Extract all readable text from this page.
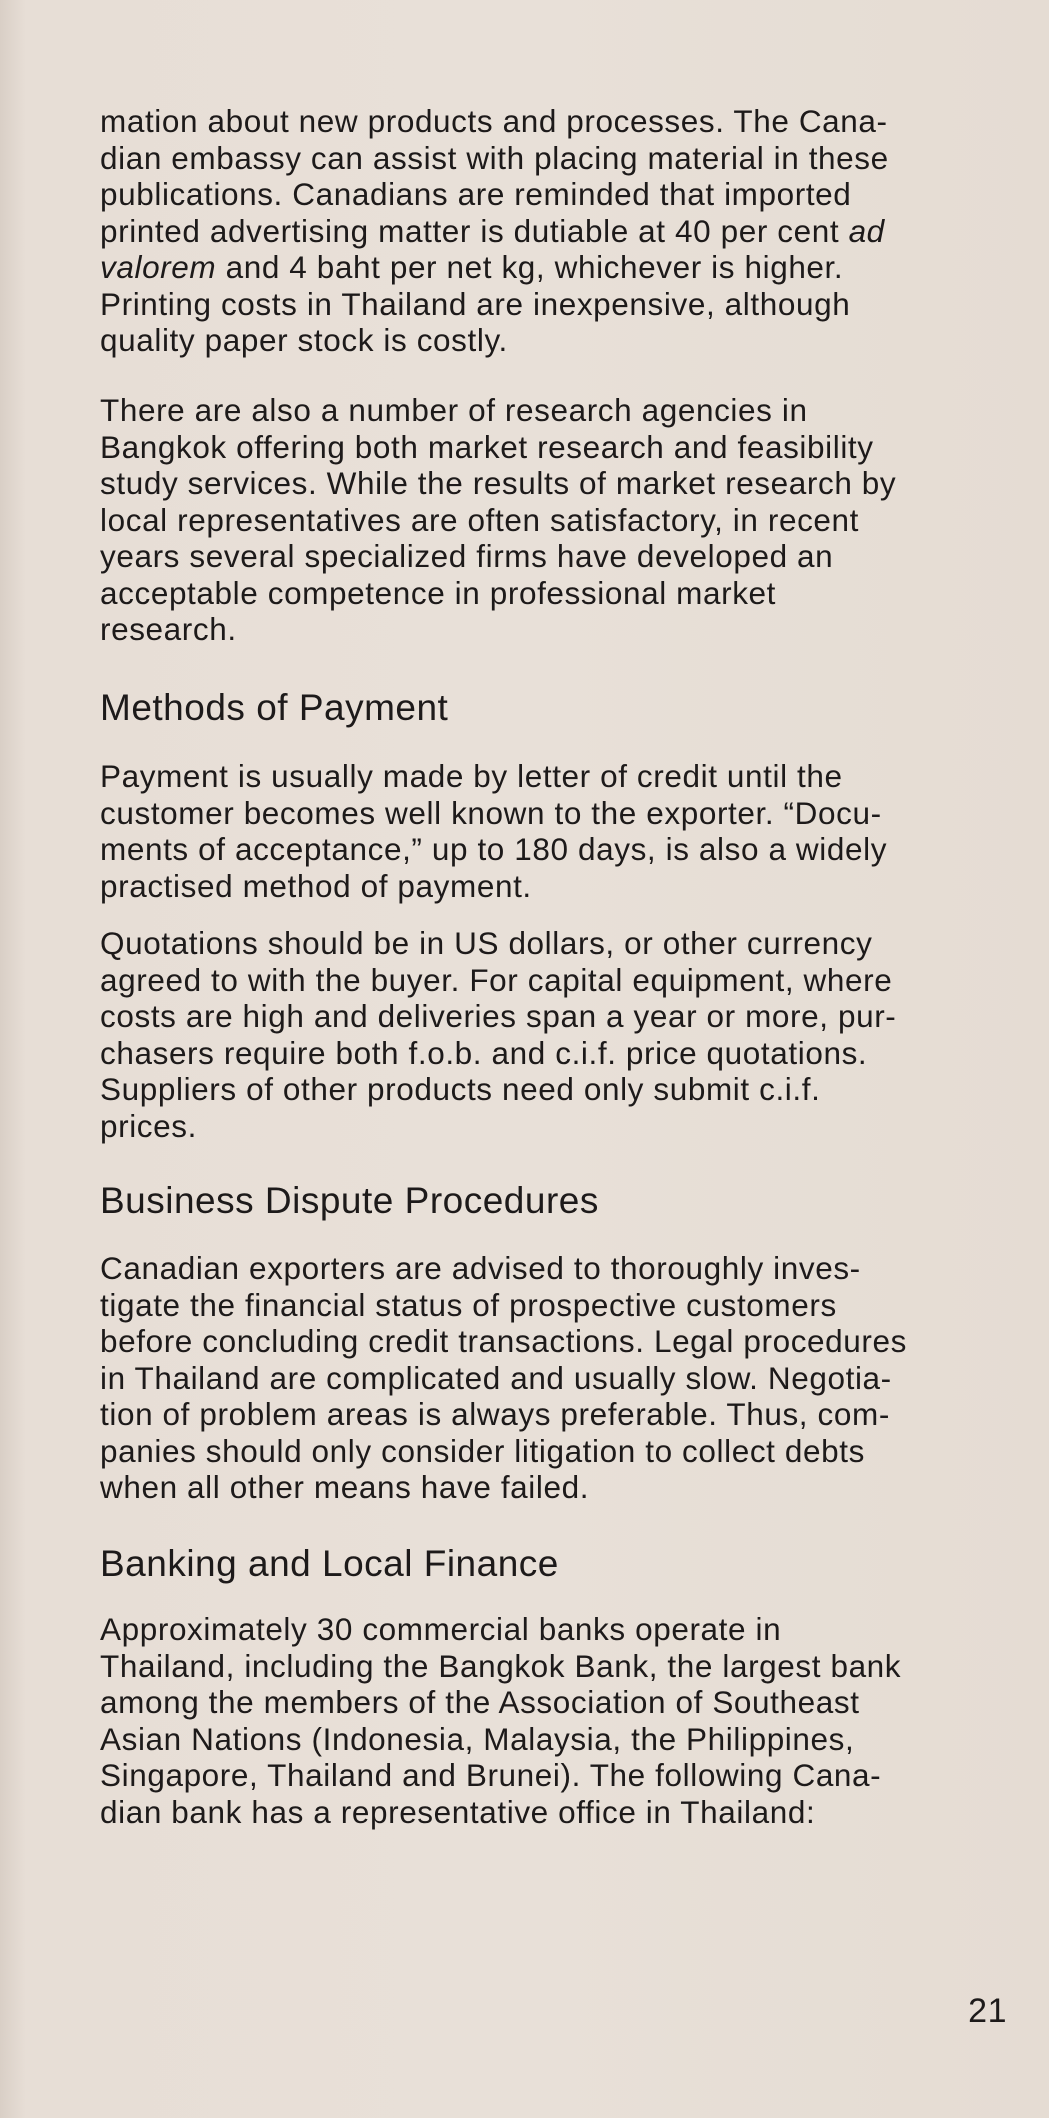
mation about new products and processes. The Cana-
dian embassy can assist with placing material in these
publications. Canadians are reminded that imported
printed advertising matter is dutiable at 40 per cent ad
valorem and 4 baht per net kg, whichever is higher.
Printing costs in Thailand are inexpensive, although
quality paper stock is costly.

There are also a number of research agencies in
Bangkok offering both market research and feasibility
study services. While the results of market research by
local representatives are often satisfactory, in recent
years several specialized firms have developed an
acceptable competence in professional market
research.

Methods of Payment

Payment is usually made by letter of credit until the
customer becomes well known to the exporter. “Docu-
ments of acceptance,” up to 180 days, is also a widely
practised method of payment.

Quotations should be in US dollars, or other currency
agreed to with the buyer. For capital equipment, where
costs are high and deliveries span a year or more, pur-
chasers require both f.o.b. and c.i.f. price quotations.
Suppliers of other products need only submit c.i.f.
prices.

Business Dispute Procedures

Canadian exporters are advised to thoroughly inves-
tigate the financial status of prospective customers
before concluding credit transactions. Legal procedures
in Thailand are complicated and usually slow. Negotia-
tion of problem areas is always preferable. Thus, com-
panies should only consider litigation to collect debts
when all other means have failed.

Banking and Local Finance

Approximately 30 commercial banks operate in
Thailand, including the Bangkok Bank, the largest bank
among the members of the Association of Southeast
Asian Nations (Indonesia, Malaysia, the Philippines,
Singapore, Thailand and Brunei). The following Cana-
dian bank has a representative office in Thailand:

21
